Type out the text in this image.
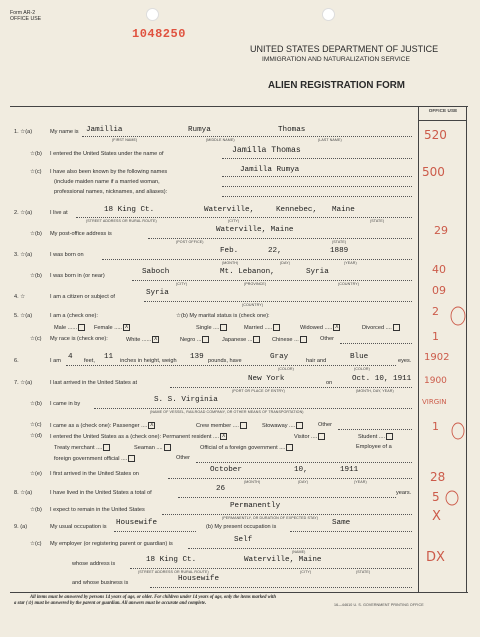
Form AR-2
OFFICE USE
1048250
UNITED STATES DEPARTMENT OF JUSTICE
IMMIGRATION AND NATURALIZATION SERVICE
ALIEN REGISTRATION FORM
OFFICE USE
1. ☆(a)	My name is Jamillia	Rumya	Thomas
(FIRST NAME)	(MIDDLE NAME)	(LAST NAME)
☆(b) I entered the United States under the name of	Jamilla Thomas
☆(c) I have also been known by the following names
(include maiden name if a married woman,
professional names, nicknames, and aliases):
Jamilla Rumya
2. ☆(a)	I live at	18 King Ct.	Waterville,	Kennebec, Maine
(STREET ADDRESS OR RURAL ROUTE)	(CITY)	(STATE)
☆(b) My post-office address is	Waterville, Maine
(POST OFFICE)	(STATE)
3. ☆(a)	I was born on	Feb.	22,	1889
(MONTH)	(DAY)	(YEAR)
☆(b) I was born in (or near)	Saboch	Mt. Lebanon,	Syria
(CITY)	(PROVINCE)	(COUNTRY)
4. ☆	I am a citizen or subject of	Syria
(COUNTRY)
5. ☆(a)	I am a (check one):	☆(b) My marital status is (check one):
Male ......	Female ..... X	Single ....	Married .....	Widowed ..... X	Divorced ....
☆(c) My race is (check one):	White ...... X	Negro ...	Japanese ...	Chinese ...	Other
6.	I am 4 feet, 11 inches in height, weigh 139 pounds, have	Gray	hair and	Blue	eyes.
(COLOR)	(COLOR)
7. ☆(a)	I last arrived in the United States at	New York	on	Oct. 10, 1911
(PORT OR PLACE OF ENTRY)	(MONTH, DAY, YEAR)
☆(b) I came in by	S. S. Virginia
(NAME OF VESSEL, RAILROAD COMPANY, OR OTHER MEANS OF TRANSPORTATION)
☆(c) I came as a (check one): Passenger .... X	Crew member ....	Stowaway ....	Other
☆(d) I entered the United States as a (check one): Permanent resident .... X	Visitor ....	Student ....
Treaty merchant ....	Seaman ....	Official of a foreign government ....	Employee of a
foreign government official ....	Other
☆(e) I first arrived in the United States on	October	10,	1911
(MONTH)	(DAY)	(YEAR)
8. ☆(a)	I have lived in the United States a total of	26	years.
☆(b) I expect to remain in the United States	Permanently
(PERMANENTLY, OR DURATION OF EXPECTED STAY)
9. (a)	My usual occupation is Housewife	(b) My present occupation is	Same
☆(c) My employer (or registering parent or guardian) is	Self
(NAME)
whose address is	18 King Ct.	Waterville, Maine
(STREET ADDRESS OR RURAL ROUTE)	(CITY)	(STATE)
and whose business is	Housewife
All items must be answered by persons 14 years of age, or older. For children under 14 years of age, only the items marked with
a star (☆) must be answered by the parent or guardian. All answers must be accurate and complete.	16—44610 U. S. GOVERNMENT PRINTING OFFICE
520
500
29
40
09
2
1
1902
1900
VIRGIN
1
28
5
X
DX
